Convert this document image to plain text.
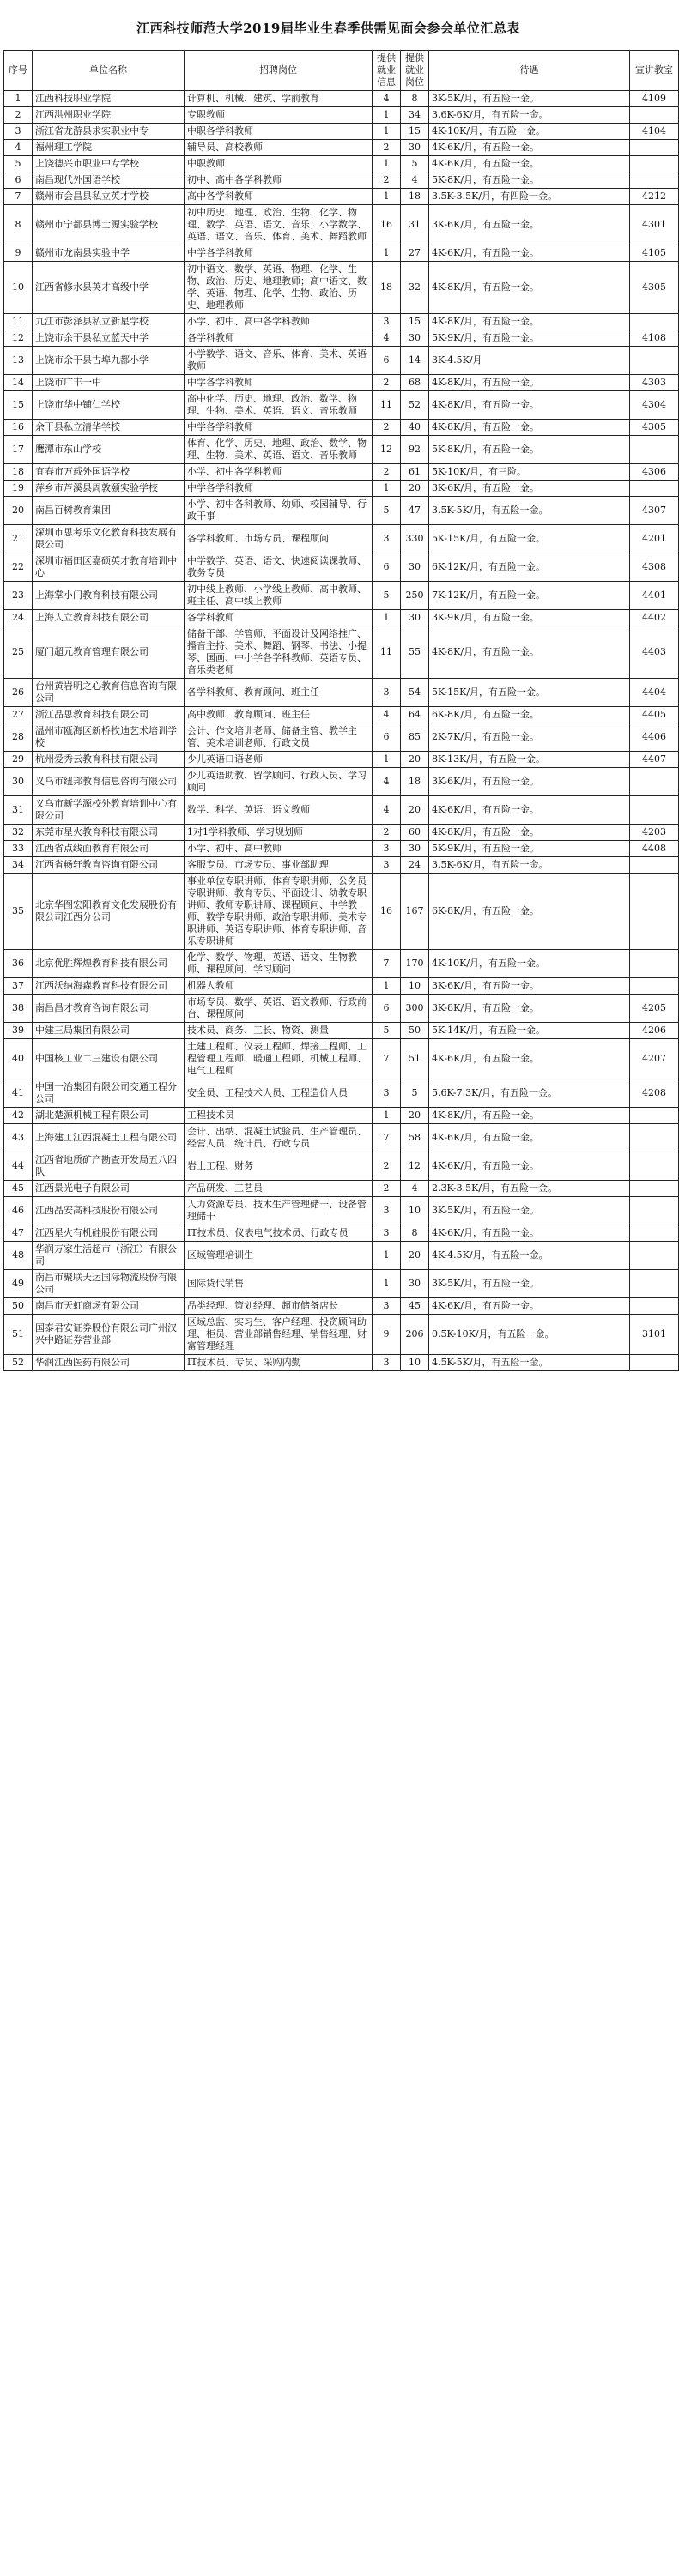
江西科技师范大学2019届毕业生春季供需见面会参会单位汇总表
序号	单位名称	招聘岗位	提供就业信息	提供就业岗位	待遇	宣讲教室
1	江西科技职业学院	计算机、机械、建筑、学前教育	4	8	3K-5K/月，有五险一金。	4109
2	江西洪州职业学院	专职教师	1	34	3.6K-6K/月，有五险一金。	
3	浙江省龙游县求实职业中专	中职各学科教师	1	15	4K-10K/月，有五险一金。	4104
4	福州理工学院	辅导员、高校教师	2	30	4K-6K/月，有五险一金。	
5	上饶德兴市职业中专学校	中职教师	1	5	4K-6K/月，有五险一金。	
6	南昌现代外国语学校	初中、高中各学科教师	2	4	5K-8K/月，有五险一金。	
7	赣州市会昌县私立英才学校	高中各学科教师	1	18	3.5K-3.5K/月，有四险一金。	4212
8	赣州市宁都县博士源实验学校	初中历史、地理、政治、生物、化学、物理、数学、英语、语文、音乐；小学数学、英语、语文、音乐、体育、美术、舞蹈教师	16	31	3K-6K/月，有五险一金。	4301
9	赣州市龙南县实验中学	中学各学科教师	1	27	4K-6K/月，有五险一金。	4105
10	江西省修水县英才高级中学	初中语文、数学、英语、物理、化学、生物、政治、历史、地理教师；高中语文、数学、英语、物理、化学、生物、政治、历史、地理教师	18	32	4K-8K/月，有五险一金。	4305
11	九江市彭泽县私立新星学校	小学、初中、高中各学科教师	3	15	4K-8K/月，有五险一金。	
12	上饶市余干县私立蓝天中学	各学科教师	4	30	5K-9K/月，有五险一金。	4108
13	上饶市余干县古埠九都小学	小学数学、语文、音乐、体育、美术、英语教师	6	14	3K-4.5K/月	
14	上饶市广丰一中	中学各学科教师	2	68	4K-8K/月，有五险一金。	4303
15	上饶市华中铺仁学校	高中化学、历史、地理、政治、数学、物理、生物、美术、英语、语文、音乐教师	11	52	4K-8K/月，有五险一金。	4304
16	余干县私立清华学校	中学各学科教师	2	40	4K-8K/月，有五险一金。	4305
17	鹰潭市东山学校	体育、化学、历史、地理、政治、数学、物理、生物、美术、英语、语文、音乐教师	12	92	5K-8K/月，有五险一金。	
18	宜春市万载外国语学校	小学、初中各学科教师	2	61	5K-10K/月，有三险。	4306
19	萍乡市芦溪县周敦颐实验学校	中学各学科教师	1	20	3K-6K/月，有五险一金。	
20	南昌百树教育集团	小学、初中各科教师、幼师、校园辅导、行政干事	5	47	3.5K-5K/月，有五险一金。	4307
21	深圳市思考乐文化教育科技发展有限公司	各学科教师、市场专员、课程顾问	3	330	5K-15K/月，有五险一金。	4201
22	深圳市福田区嘉硕英才教育培训中心	中学数学、英语、语文、快速阅读课教师、教务专员	6	30	6K-12K/月，有五险一金。	4308
23	上海掌小门教育科技有限公司	初中线上教师、小学线上教师、高中教师、班主任、高中线上教师	5	250	7K-12K/月，有五险一金。	4401
24	上海人立教育科技有限公司	各学科教师	1	30	3K-9K/月，有五险一金。	4402
25	厦门超元教育管理有限公司	储备干部、学管师、平面设计及网络推广、播音主持、美术、舞蹈、钢琴、书法、小提琴、国画、中小学各学科教师、英语专员、音乐类老师	11	55	4K-8K/月，有五险一金。	4403
26	台州黄岩明之心教育信息咨询有限公司	各学科教师、教育顾问、班主任	3	54	5K-15K/月，有五险一金。	4404
27	浙江品思教育科技有限公司	高中教师、教育顾问、班主任	4	64	6K-8K/月，有五险一金。	4405
28	温州市瓯海区新桥牧迪艺术培训学校	会计、作文培训老师、储备主管、教学主管、美术培训老师、行政文员	6	85	2K-7K/月，有五险一金。	4406
29	杭州爱秀云教育科技有限公司	少儿英语口语老师	1	20	8K-13K/月，有五险一金。	4407
30	义乌市纽邦教育信息咨询有限公司	少儿英语助教、留学顾问、行政人员、学习顾问	4	18	3K-6K/月，有五险一金。	
31	义乌市新学源校外教育培训中心有限公司	数学、科学、英语、语文教师	4	20	4K-6K/月，有五险一金。	
32	东莞市星火教育科技有限公司	1对1学科教师、学习规划师	2	60	4K-8K/月，有五险一金。	4203
33	江西省点线面教育有限公司	小学、初中、高中教师	3	30	5K-9K/月，有五险一金。	4408
34	江西省畅轩教育咨询有限公司	客服专员、市场专员、事业部助理	3	24	3.5K-6K/月，有五险一金。	
35	北京华图宏阳教育文化发展股份有限公司江西分公司	事业单位专职讲师、体育专职讲师、公务员专职讲师、教育专员、平面设计、幼教专职讲师、教师专职讲师、课程顾问、中学教师、数学专职讲师、政治专职讲师、美术专职讲师、英语专职讲师、体育专职讲师、音乐专职讲师	16	167	6K-8K/月，有五险一金。	
36	北京优胜辉煌教育科技有限公司	化学、数学、物理、英语、语文、生物教师、课程顾问、学习顾问	7	170	4K-10K/月，有五险一金。	
37	江西沃纳海森教育科技有限公司	机器人教师	1	10	3K-6K/月，有五险一金。	
38	南昌昌才教育咨询有限公司	市场专员、数学、英语、语文教师、行政前台、课程顾问	6	300	3K-8K/月，有五险一金。	4205
39	中建三局集团有限公司	技术员、商务、工长、物资、测量	5	50	5K-14K/月，有五险一金。	4206
40	中国核工业二三建设有限公司	土建工程师、仪表工程师、焊接工程师、工程管理工程师、暖通工程师、机械工程师、电气工程师	7	51	4K-6K/月，有五险一金。	4207
41	中国一冶集团有限公司交通工程分公司	安全员、工程技术人员、工程造价人员	3	5	5.6K-7.3K/月，有五险一金。	4208
42	湖北楚源机械工程有限公司	工程技术员	1	20	4K-8K/月，有五险一金。	
43	上海建工江西混凝土工程有限公司	会计、出纳、混凝土试验员、生产管理员、经营人员、统计员、行政专员	7	58	4K-6K/月，有五险一金。	
44	江西省地质矿产勘查开发局五八四队	岩土工程、财务	2	12	4K-6K/月，有五险一金。	
45	江西景光电子有限公司	产品研发、工艺员	2	4	2.3K-3.5K/月，有五险一金。	
46	江西晶安高科技股份有限公司	人力资源专员、技术生产管理储干、设备管理储干	3	10	3K-5K/月，有五险一金。	
47	江西星火有机硅股份有限公司	IT技术员、仪表电气技术员、行政专员	3	8	4K-6K/月，有五险一金。	
48	华润万家生活超市（浙江）有限公司	区域管理培训生	1	20	4K-4.5K/月，有五险一金。	
49	南昌市聚联天运国际物流股份有限公司	国际货代销售	1	30	3K-5K/月，有五险一金。	
50	南昌市天虹商场有限公司	品类经理、策划经理、超市储备店长	3	45	4K-6K/月，有五险一金。	
51	国泰君安证券股份有限公司广州汉兴中路证券营业部	区域总监、实习生、客户经理、投资顾问助理、柜员、营业部销售经理、销售经理、财富管理经理	9	206	0.5K-10K/月，有五险一金。	3101
52	华润江西医药有限公司	IT技术员、专员、采购内勤	3	10	4.5K-5K/月，有五险一金。	
